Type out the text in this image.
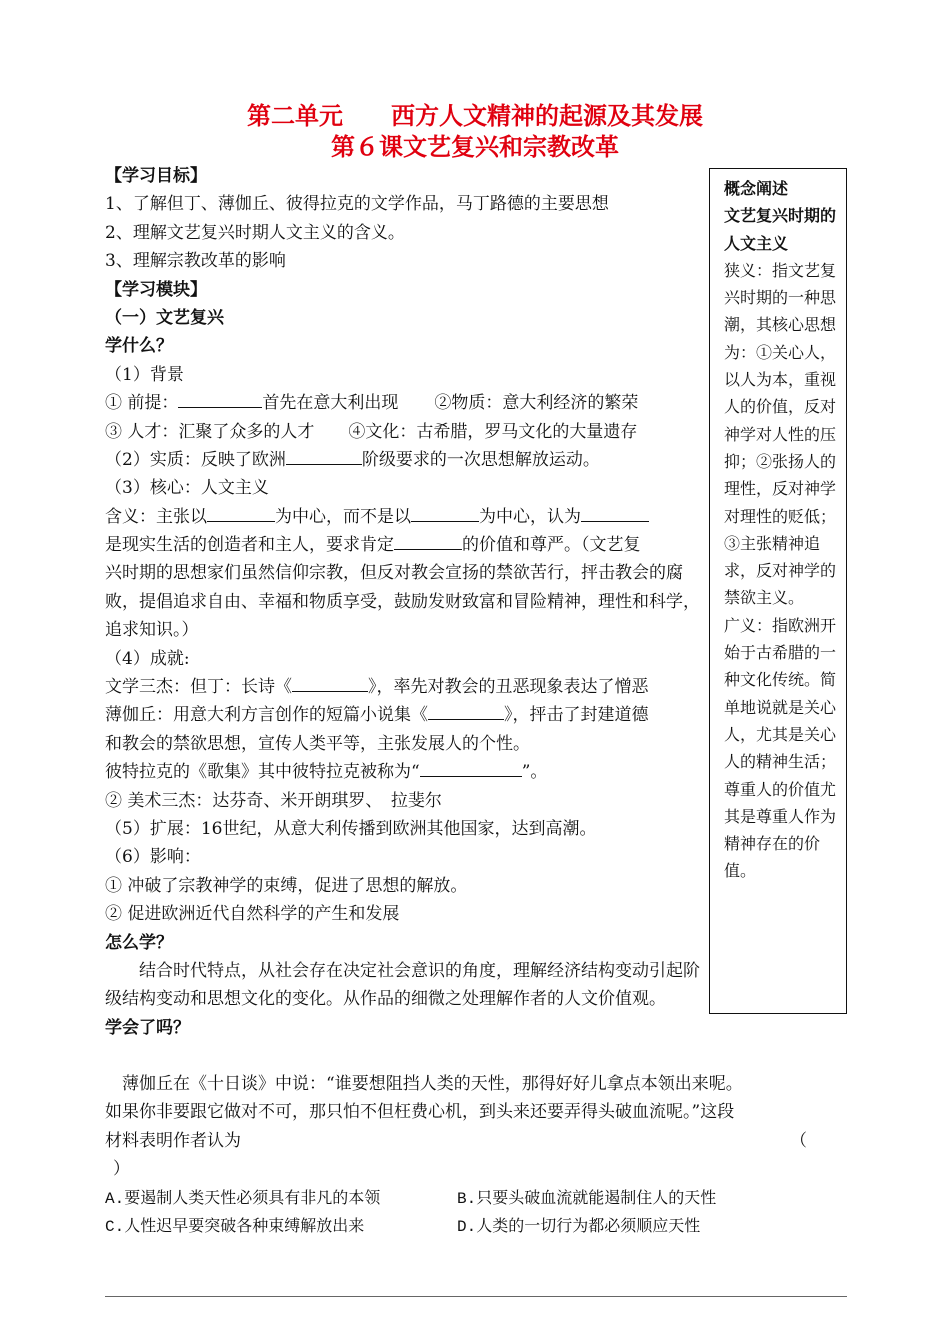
第二单元　　西方人文精神的起源及其发展
第６课文艺复兴和宗教改革
【学习目标】
1、了解但丁、薄伽丘、彼得拉克的文学作品，马丁路德的主要思想
2、理解文艺复兴时期人文主义的含义。
3、理解宗教改革的影响
【学习模块】
（一）文艺复兴
学什么？
（1）背景
① 前提：	首先在意大利出现 ②物质：意大利经济的繁荣
③ 人才：汇聚了众多的人才　　④文化：古希腊，罗马文化的大量遗存
（2）实质：反映了欧洲	阶级要求的一次思想解放运动。
（3）核心：人文主义
含义：主张以	为中心，而不是以	为中心，认为
是现实生活的创造者和主人，要求肯定	的价值和尊严。（文艺复
兴时期的思想家们虽然信仰宗教，但反对教会宣扬的禁欲苦行，抨击教会的腐败，提倡追求自由、幸福和物质享受，鼓励发财致富和冒险精神，理性和科学，追求知识。）
（4）成就:
文学三杰：但丁：长诗《	》，率先对教会的丑恶现象表达了憎恶
薄伽丘：用意大利方言创作的短篇小说集《	》，抨击了封建道德
和教会的禁欲思想，宣传人类平等，主张发展人的个性。
彼特拉克的《歌集》其中彼特拉克被称为“	”。
② 美术三杰：达芬奇、米开朗琪罗、　拉斐尔
（5）扩展：16世纪，从意大利传播到欧洲其他国家，达到高潮。
（6）影响：
① 冲破了宗教神学的束缚，促进了思想的解放。
② 促进欧洲近代自然科学的产生和发展
怎么学？
结合时代特点，从社会存在决定社会意识的角度，理解经济结构变动引起阶级结构变动和思想文化的变化。从作品的细微之处理解作者的人文价值观。
学会了吗？
概念阐述
文艺复兴时期的人文主义
狭义：指文艺复兴时期的一种思潮，其核心思想为：①关心人，以人为本，重视人的价值，反对神学对人性的压抑；②张扬人的理性，反对神学对理性的贬低；③主张精神追求，反对神学的禁欲主义。
广义：指欧洲开始于古希腊的一种文化传统。简单地说就是关心人，尤其是关心人的精神生活；尊重人的价值尤其是尊重人作为精神存在的价值。
薄伽丘在《十日谈》中说：“谁要想阻挡人类的天性，那得好好儿拿点本领出来呢。
如果你非要跟它做对不可，那只怕不但枉费心机，到头来还要弄得头破血流呢。”这段
材料表明作者认为	（
）
A.要遏制人类天性必须具有非凡的本领	B.只要头破血流就能遏制住人的天性
C.人性迟早要突破各种束缚解放出来	D.人类的一切行为都必须顺应天性
